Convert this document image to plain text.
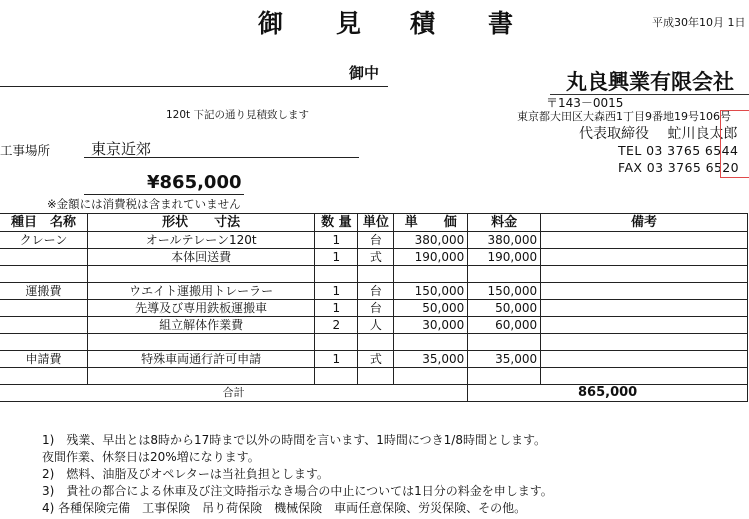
御 見 積 書	平成30年10月 1日
御中	丸良興業有限会社
〒143－0015
東京都大田区大森西1丁目9番地19号106号
代表取締役　 虻川良太郎
TEL 03 3765 6544
FAX 03 3765 6520
120t 下記の通り見積致します
工事場所	東京近郊
¥865,000
※金額には消費税は含まれていません
種目　名称	形状　　寸法	数 量	単位	単　　価	料金	備考
クレーン	オールテレーン120t	1	台	380,000	380,000	
	本体回送費	1	式	190,000	190,000	

運搬費	ウエイト運搬用トレーラー	1	台	150,000	150,000	
	先導及び専用鉄板運搬車	1	台	50,000	50,000	
	組立解体作業費	2	人	30,000	60,000	

申請費	特殊車両通行許可申請	1	式	35,000	35,000	

合計					865,000	
1)　残業、早出とは8時から17時まで以外の時間を言います、1時間につき1/8時間とします。
夜間作業、休祭日は20%増になります。
2)　燃料、油脂及びオペレターは当社負担とします。
3)　貴社の都合による休車及び注文時指示なき場合の中止については1日分の料金を申します。
4) 各種保険完備　工事保険　吊り荷保険　機械保険　車両任意保険、労災保険、その他。
